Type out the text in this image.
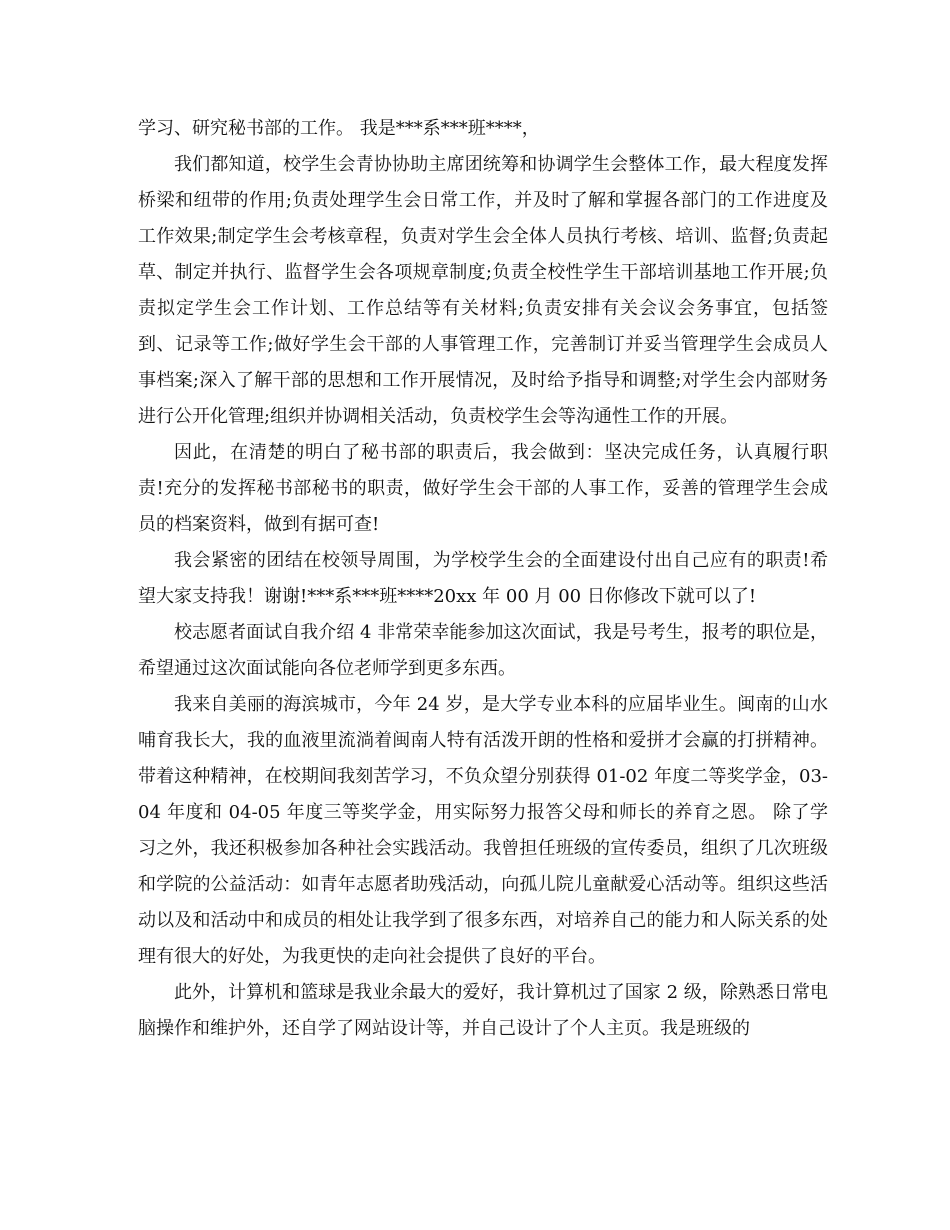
学习、研究秘书部的工作。 我是***系***班****，

我们都知道，校学生会青协协助主席团统筹和协调学生会整体工作，最大程度发挥桥梁和纽带的作用;负责处理学生会日常工作，并及时了解和掌握各部门的工作进度及工作效果;制定学生会考核章程，负责对学生会全体人员执行考核、培训、监督;负责起草、制定并执行、监督学生会各项规章制度;负责全校性学生干部培训基地工作开展;负责拟定学生会工作计划、工作总结等有关材料;负责安排有关会议会务事宜，包括签到、记录等工作;做好学生会干部的人事管理工作，完善制订并妥当管理学生会成员人事档案;深入了解干部的思想和工作开展情况，及时给予指导和调整;对学生会内部财务进行公开化管理;组织并协调相关活动，负责校学生会等沟通性工作的开展。

因此，在清楚的明白了秘书部的职责后，我会做到：坚决完成任务，认真履行职责!充分的发挥秘书部秘书的职责，做好学生会干部的人事工作，妥善的管理学生会成员的档案资料，做到有据可查!

我会紧密的团结在校领导周围，为学校学生会的全面建设付出自己应有的职责!希望大家支持我！谢谢!***系***班****20xx 年 00 月 00 日你修改下就可以了!

校志愿者面试自我介绍 4 非常荣幸能参加这次面试，我是号考生，报考的职位是，希望通过这次面试能向各位老师学到更多东西。

我来自美丽的海滨城市，今年 24 岁，是大学专业本科的应届毕业生。闽南的山水哺育我长大，我的血液里流淌着闽南人特有活泼开朗的性格和爱拼才会赢的打拼精神。带着这种精神，在校期间我刻苦学习，不负众望分别获得 01-02 年度二等奖学金，03-04 年度和 04-05 年度三等奖学金，用实际努力报答父母和师长的养育之恩。 除了学习之外，我还积极参加各种社会实践活动。我曾担任班级的宣传委员，组织了几次班级和学院的公益活动：如青年志愿者助残活动，向孤儿院儿童献爱心活动等。组织这些活动以及和活动中和成员的相处让我学到了很多东西，对培养自己的能力和人际关系的处理有很大的好处，为我更快的走向社会提供了良好的平台。

此外，计算机和篮球是我业余最大的爱好，我计算机过了国家 2 级，除熟悉日常电脑操作和维护外，还自学了网站设计等，并自己设计了个人主页。我是班级的
